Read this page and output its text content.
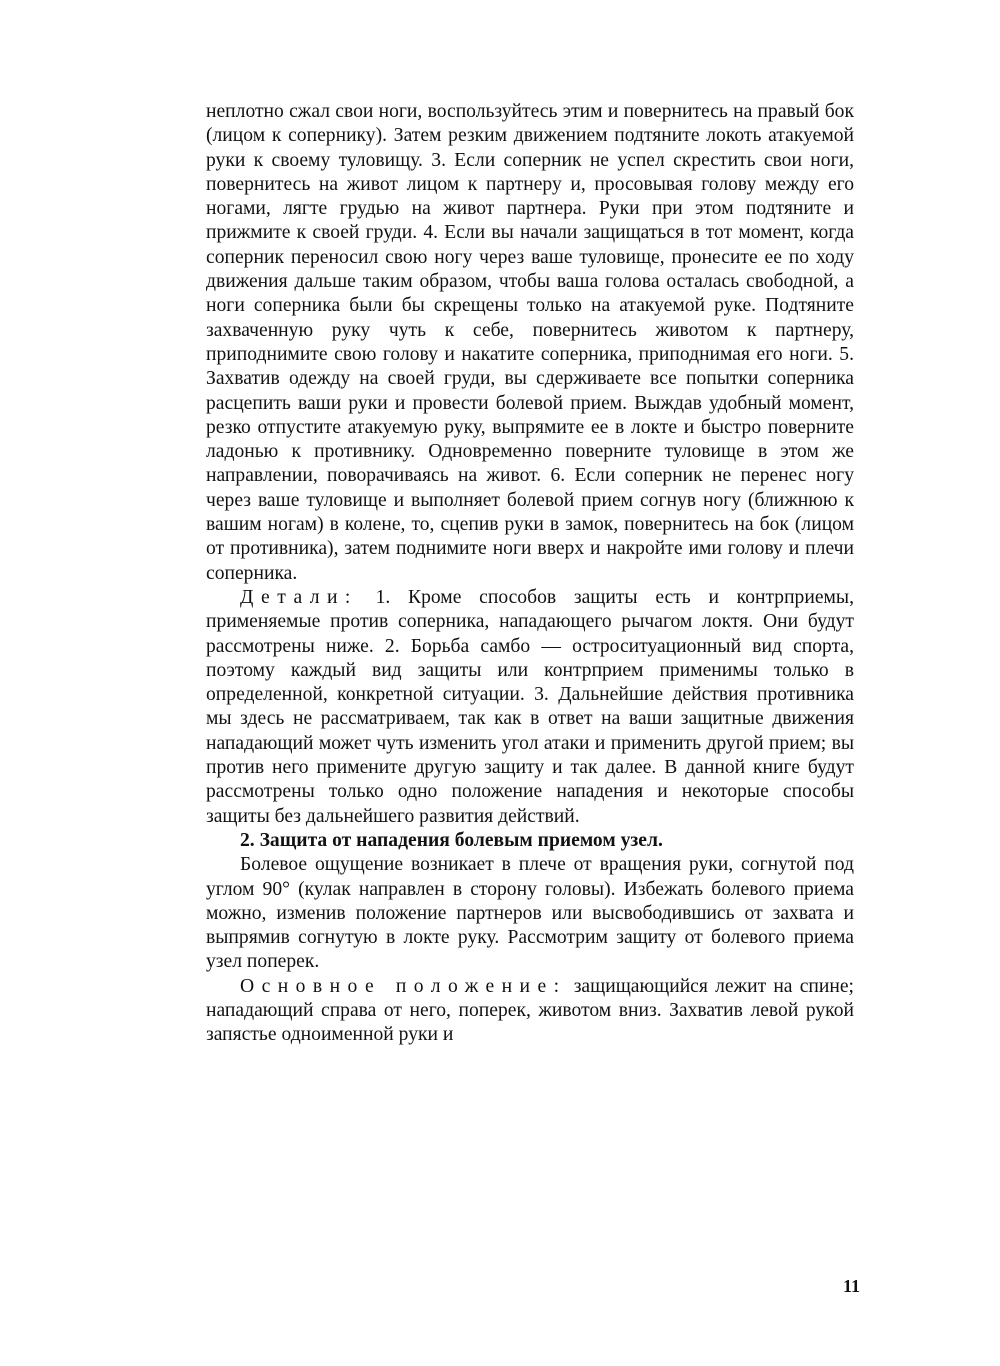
неплотно сжал свои ноги, воспользуйтесь этим и повернитесь на правый бок (лицом к сопернику). Затем резким движением подтяните локоть атакуемой руки к своему туловищу. 3. Если соперник не успел скрестить свои ноги, повернитесь на живот лицом к партнеру и, просовывая голову между его ногами, лягте грудью на живот партнера. Руки при этом подтяните и прижмите к своей груди. 4. Если вы начали защищаться в тот момент, когда соперник переносил свою ногу через ваше туловище, пронесите ее по ходу движения дальше таким образом, чтобы ваша голова осталась свободной, а ноги соперника были бы скрещены только на атакуемой руке. Подтяните захваченную руку чуть к себе, повернитесь животом к партнеру, приподнимите свою голову и накатите соперника, приподнимая его ноги. 5. Захватив одежду на своей груди, вы сдерживаете все попытки соперника расцепить ваши руки и провести болевой прием. Выждав удобный момент, резко отпустите атакуемую руку, выпрямите ее в локте и быстро поверните ладонью к противнику. Одновременно поверните туловище в этом же направлении, поворачиваясь на живот. 6. Если соперник не перенес ногу через ваше туловище и выполняет болевой прием согнув ногу (ближнюю к вашим ногам) в колене, то, сцепив руки в замок, повернитесь на бок (лицом от противника), затем поднимите ноги вверх и накройте ими голову и плечи соперника.

Детали: 1. Кроме способов защиты есть и контрприемы, применяемые против соперника, нападающего рычагом локтя. Они будут рассмотрены ниже. 2. Борьба самбо — остроситуационный вид спорта, поэтому каждый вид защиты или контрприем применимы только в определенной, конкретной ситуации. 3. Дальнейшие действия противника мы здесь не рассматриваем, так как в ответ на ваши защитные движения нападающий может чуть изменить угол атаки и применить другой прием; вы против него примените другую защиту и так далее. В данной книге будут рассмотрены только одно положение нападения и некоторые способы защиты без дальнейшего развития действий.

2. Защита от нападения болевым приемом узел.

Болевое ощущение возникает в плече от вращения руки, согнутой под углом 90° (кулак направлен в сторону головы). Избежать болевого приема можно, изменив положение партнеров или высвободившись от захвата и выпрямив согнутую в локте руку. Рассмотрим защиту от болевого приема узел поперек.

Основное положение: защищающийся лежит на спине; нападающий справа от него, поперек, животом вниз. Захватив левой рукой запястье одноименной руки и

11
